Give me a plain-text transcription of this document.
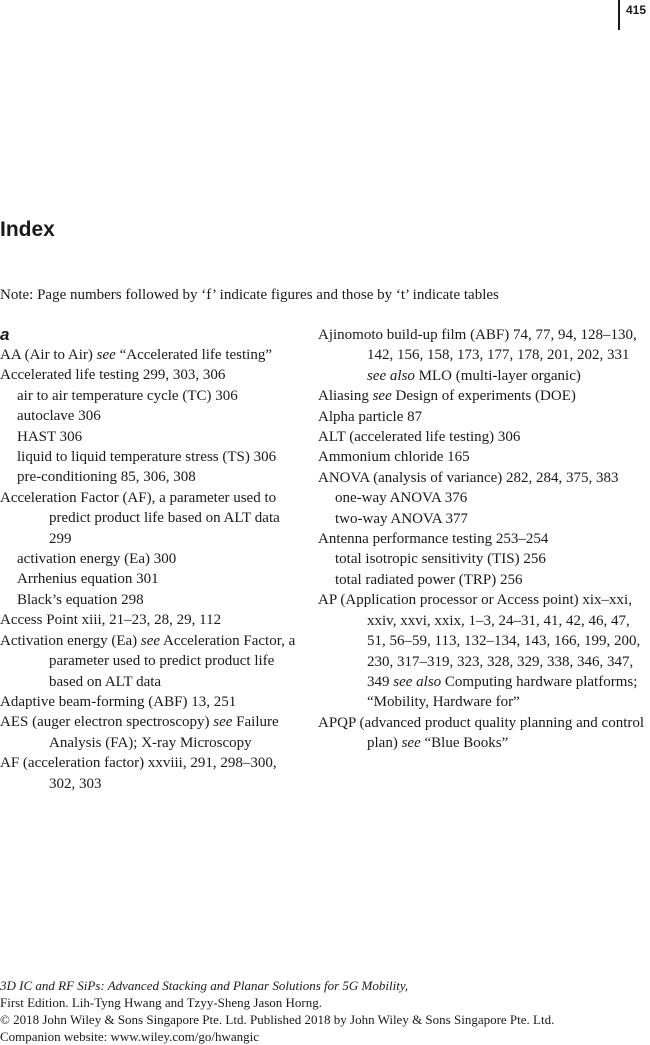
415
Index
Note: Page numbers followed by ‘f’ indicate figures and those by ‘t’ indicate tables
a
AA (Air to Air) see “Accelerated life testing”
Accelerated life testing 299, 303, 306
air to air temperature cycle (TC) 306
autoclave 306
HAST 306
liquid to liquid temperature stress (TS) 306
pre-conditioning 85, 306, 308
Acceleration Factor (AF), a parameter used to predict product life based on ALT data 299
activation energy (Ea) 300
Arrhenius equation 301
Black’s equation 298
Access Point xiii, 21–23, 28, 29, 112
Activation energy (Ea) see Acceleration Factor, a parameter used to predict product life based on ALT data
Adaptive beam-forming (ABF) 13, 251
AES (auger electron spectroscopy) see Failure Analysis (FA); X-ray Microscopy
AF (acceleration factor) xxviii, 291, 298–300, 302, 303
Ajinomoto build-up film (ABF) 74, 77, 94, 128–130, 142, 156, 158, 173, 177, 178, 201, 202, 331 see also MLO (multi-layer organic)
Aliasing see Design of experiments (DOE)
Alpha particle 87
ALT (accelerated life testing) 306
Ammonium chloride 165
ANOVA (analysis of variance) 282, 284, 375, 383
one-way ANOVA 376
two-way ANOVA 377
Antenna performance testing 253–254
total isotropic sensitivity (TIS) 256
total radiated power (TRP) 256
AP (Application processor or Access point) xix–xxi, xxiv, xxvi, xxix, 1–3, 24–31, 41, 42, 46, 47, 51, 56–59, 113, 132–134, 143, 166, 199, 200, 230, 317–319, 323, 328, 329, 338, 346, 347, 349 see also Computing hardware platforms; “Mobility, Hardware for”
APQP (advanced product quality planning and control plan) see “Blue Books”
3D IC and RF SiPs: Advanced Stacking and Planar Solutions for 5G Mobility,
First Edition. Lih-Tyng Hwang and Tzyy-Sheng Jason Horng.
© 2018 John Wiley & Sons Singapore Pte. Ltd. Published 2018 by John Wiley & Sons Singapore Pte. Ltd.
Companion website: www.wiley.com/go/hwangic
